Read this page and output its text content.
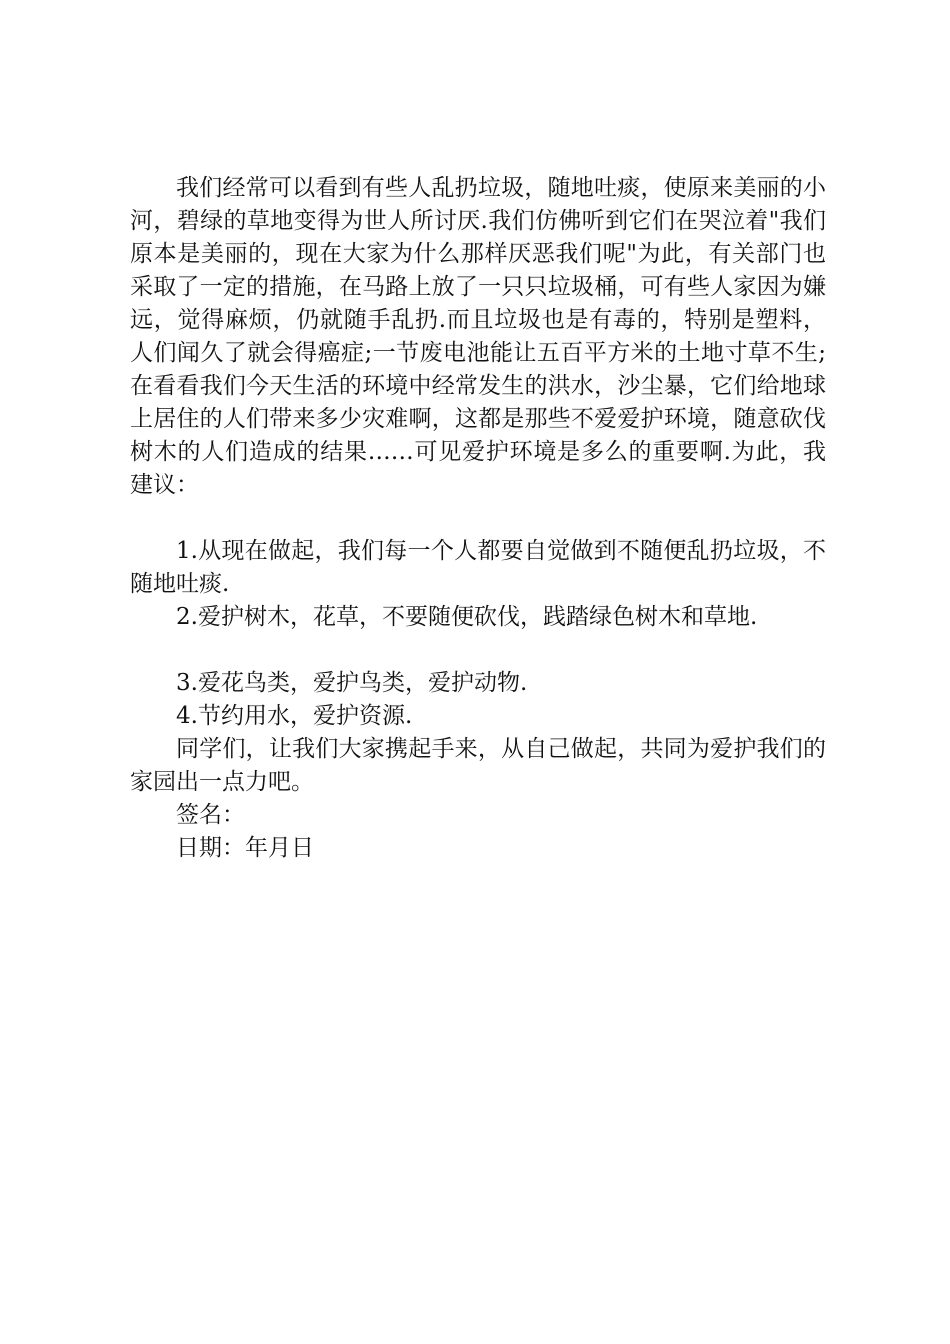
我们经常可以看到有些人乱扔垃圾，随地吐痰，使原来美丽的小河，碧绿的草地变得为世人所讨厌.我们仿佛听到它们在哭泣着"我们原本是美丽的，现在大家为什么那样厌恶我们呢"为此，有关部门也采取了一定的措施，在马路上放了一只只垃圾桶，可有些人家因为嫌远，觉得麻烦，仍就随手乱扔.而且垃圾也是有毒的，特别是塑料，人们闻久了就会得癌症;一节废电池能让五百平方米的土地寸草不生;在看看我们今天生活的环境中经常发生的洪水，沙尘暴，它们给地球上居住的人们带来多少灾难啊，这都是那些不爱爱护环境，随意砍伐树木的人们造成的结果……可见爱护环境是多么的重要啊.为此，我建议：

1.从现在做起，我们每一个人都要自觉做到不随便乱扔垃圾，不随地吐痰.

2.爱护树木，花草，不要随便砍伐，践踏绿色树木和草地.

3.爱花鸟类，爱护鸟类，爱护动物.

4.节约用水，爱护资源.

同学们，让我们大家携起手来，从自己做起，共同为爱护我们的家园出一点力吧。

签名：

日期：年月日
